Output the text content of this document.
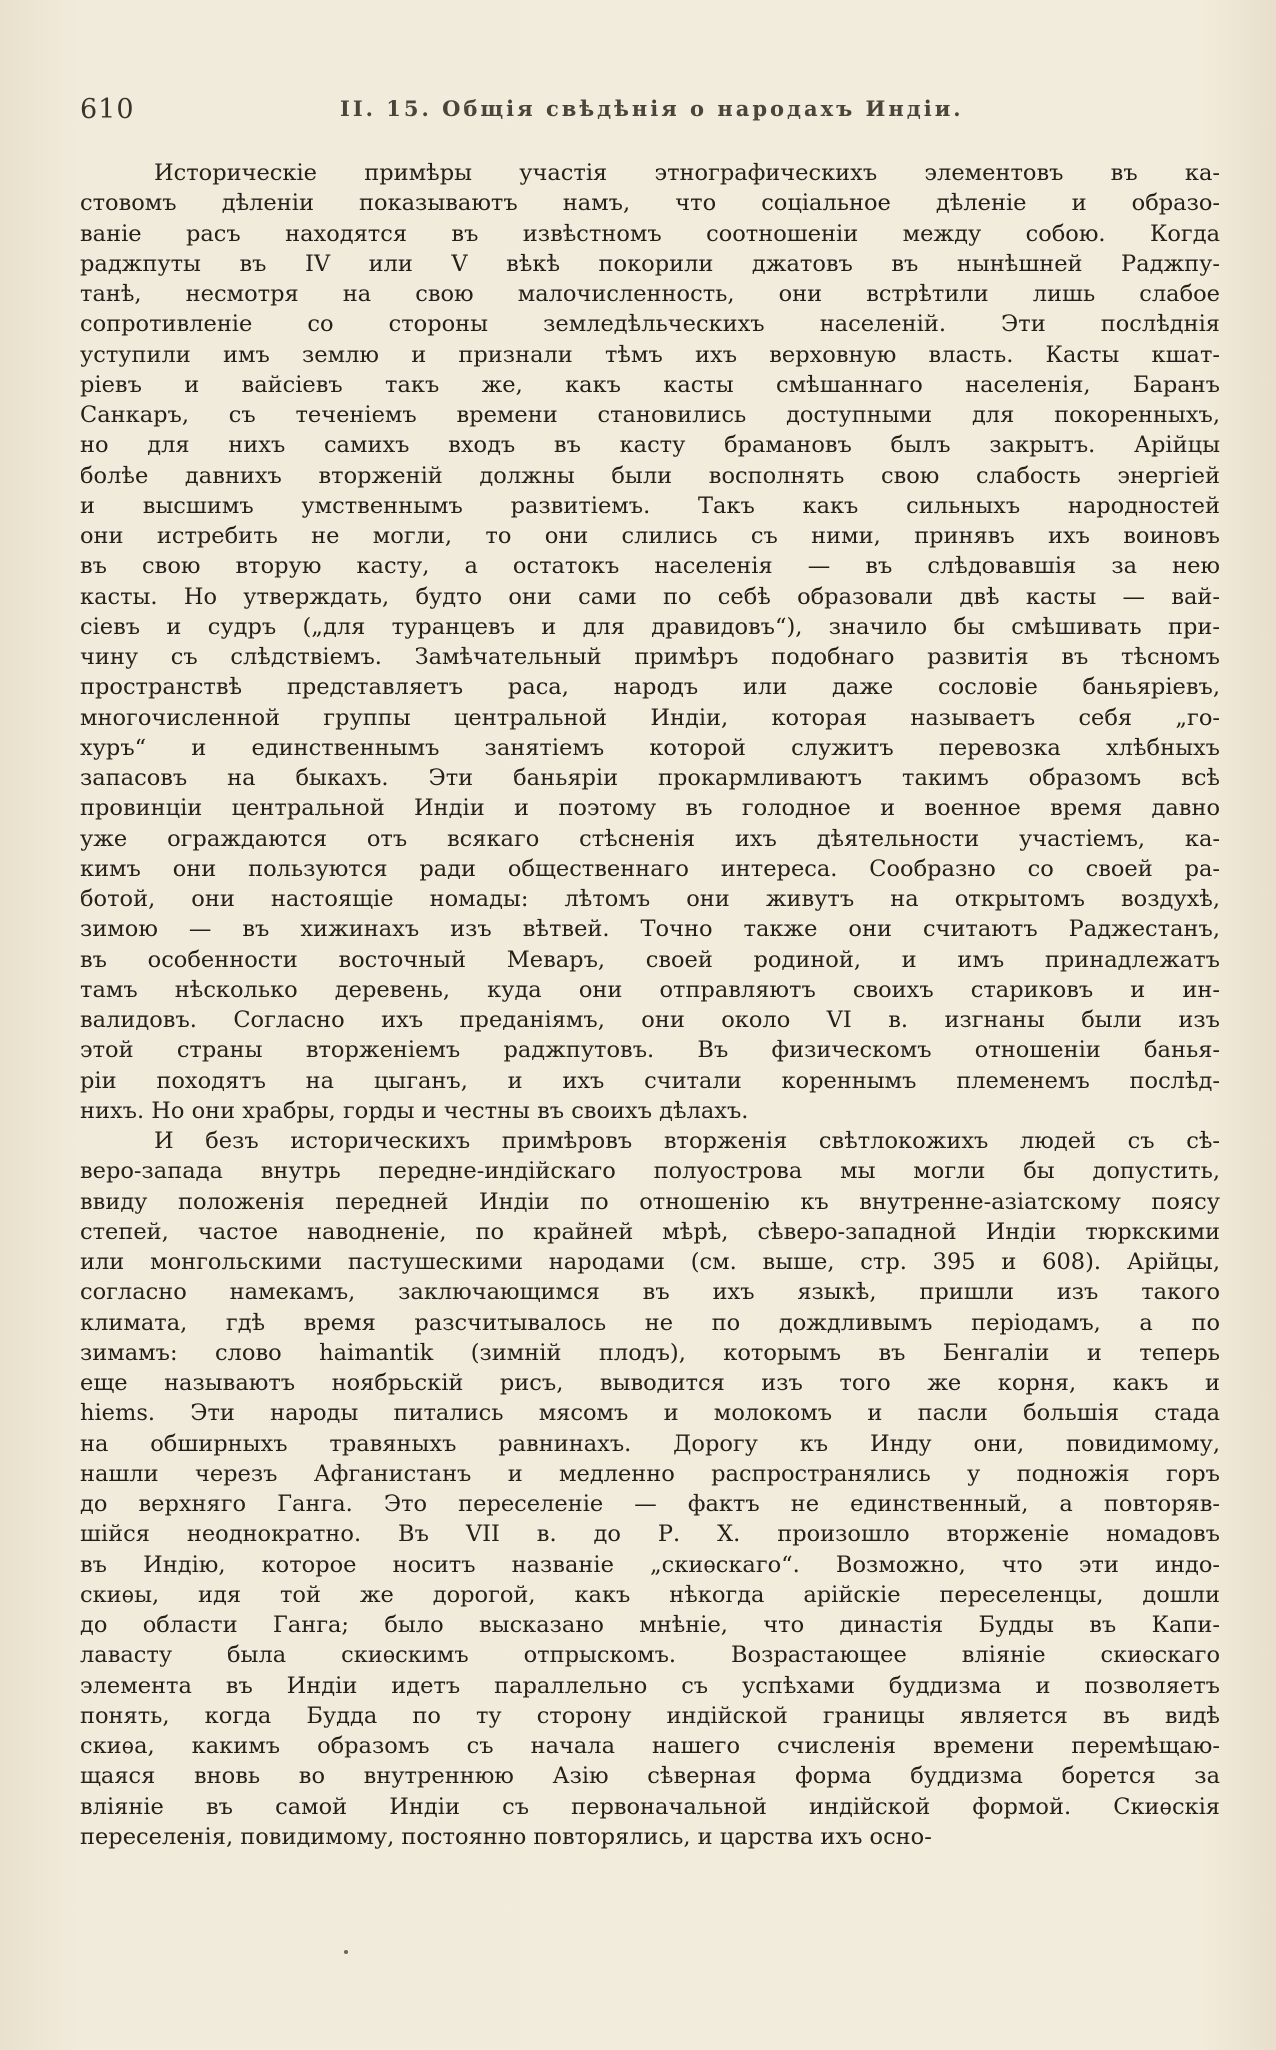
610	II. 15. Общія свѣдѣнія о народахъ Индіи.
Историческіе примѣры участія этнографическихъ элементовъ въ ка-
стовомъ дѣленіи показываютъ намъ, что соціальное дѣленіе и образо-
ваніе расъ находятся въ извѣстномъ соотношеніи между собою. Когда
раджпуты въ IV или V вѣкѣ покорили джатовъ въ нынѣшней Раджпу-
танѣ, несмотря на свою малочисленность, они встрѣтили лишь слабое
сопротивленіе со стороны земледѣльческихъ населеній. Эти послѣднія
уступили имъ землю и признали тѣмъ ихъ верховную власть. Касты кшат-
ріевъ и вайсіевъ такъ же, какъ касты смѣшаннаго населенія, Баранъ
Санкаръ, съ теченіемъ времени становились доступными для покоренныхъ,
но для нихъ самихъ входъ въ касту брамановъ былъ закрытъ. Арійцы
болѣе давнихъ вторженій должны были восполнять свою слабость энергіей
и высшимъ умственнымъ развитіемъ. Такъ какъ сильныхъ народностей
они истребить не могли, то они слились съ ними, принявъ ихъ воиновъ
въ свою вторую касту, а остатокъ населенія — въ слѣдовавшія за нею
касты. Но утверждать, будто они сами по себѣ образовали двѣ касты — вай-
сіевъ и судръ („для туранцевъ и для дравидовъ“), значило бы смѣшивать при-
чину съ слѣдствіемъ. Замѣчательный примѣръ подобнаго развитія въ тѣсномъ
пространствѣ представляетъ раса, народъ или даже сословіе баньяріевъ,
многочисленной группы центральной Индіи, которая называетъ себя „го-
хуръ“ и единственнымъ занятіемъ которой служитъ перевозка хлѣбныхъ
запасовъ на быкахъ. Эти баньяріи прокармливаютъ такимъ образомъ всѣ
провинціи центральной Индіи и поэтому въ голодное и военное время давно
уже ограждаются отъ всякаго стѣсненія ихъ дѣятельности участіемъ, ка-
кимъ они пользуются ради общественнаго интереса. Сообразно со своей ра-
ботой, они настоящіе номады: лѣтомъ они живутъ на открытомъ воздухѣ,
зимою — въ хижинахъ изъ вѣтвей. Точно также они считаютъ Раджестанъ,
въ особенности восточный Меваръ, своей родиной, и имъ принадлежатъ
тамъ нѣсколько деревень, куда они отправляютъ своихъ стариковъ и ин-
валидовъ. Согласно ихъ преданіямъ, они около VI в. изгнаны были изъ
этой страны вторженіемъ раджпутовъ. Въ физическомъ отношеніи банья-
ріи походятъ на цыганъ, и ихъ считали кореннымъ племенемъ послѣд-
нихъ. Но они храбры, горды и честны въ своихъ дѣлахъ.
И безъ историческихъ примѣровъ вторженія свѣтлокожихъ людей съ сѣ-
веро-запада внутрь передне-индійскаго полуострова мы могли бы допустить,
ввиду положенія передней Индіи по отношенію къ внутренне-азіатскому поясу
степей, частое наводненіе, по крайней мѣрѣ, сѣверо-западной Индіи тюркскими
или монгольскими пастушескими народами (см. выше, стр. 395 и 608). Арійцы,
согласно намекамъ, заключающимся въ ихъ языкѣ, пришли изъ такого
климата, гдѣ время разсчитывалось не по дождливымъ періодамъ, а по
зимамъ: слово haimantik (зимній плодъ), которымъ въ Бенгаліи и теперь
еще называютъ ноябрьскій рисъ, выводится изъ того же корня, какъ и
hiems. Эти народы питались мясомъ и молокомъ и пасли большія стада
на обширныхъ травяныхъ равнинахъ. Дорогу къ Инду они, повидимому,
нашли черезъ Афганистанъ и медленно распространялись у подножія горъ
до верхняго Ганга. Это переселеніе — фактъ не единственный, а повторяв-
шійся неоднократно. Въ VII в. до Р. Х. произошло вторженіе номадовъ
въ Индію, которое носитъ названіе „скиѳскаго“. Возможно, что эти индо-
скиѳы, идя той же дорогой, какъ нѣкогда арійскіе переселенцы, дошли
до области Ганга; было высказано мнѣніе, что династія Будды въ Капи-
лавасту была скиѳскимъ отпрыскомъ. Возрастающее вліяніе скиѳскаго
элемента въ Индіи идетъ параллельно съ успѣхами буддизма и позволяетъ
понять, когда Будда по ту сторону индійской границы является въ видѣ
скиѳа, какимъ образомъ съ начала нашего счисленія времени перемѣщаю-
щаяся вновь во внутреннюю Азію сѣверная форма буддизма борется за
вліяніе въ самой Индіи съ первоначальной индійской формой. Скиѳскія
переселенія, повидимому, постоянно повторялись, и царства ихъ осно-
